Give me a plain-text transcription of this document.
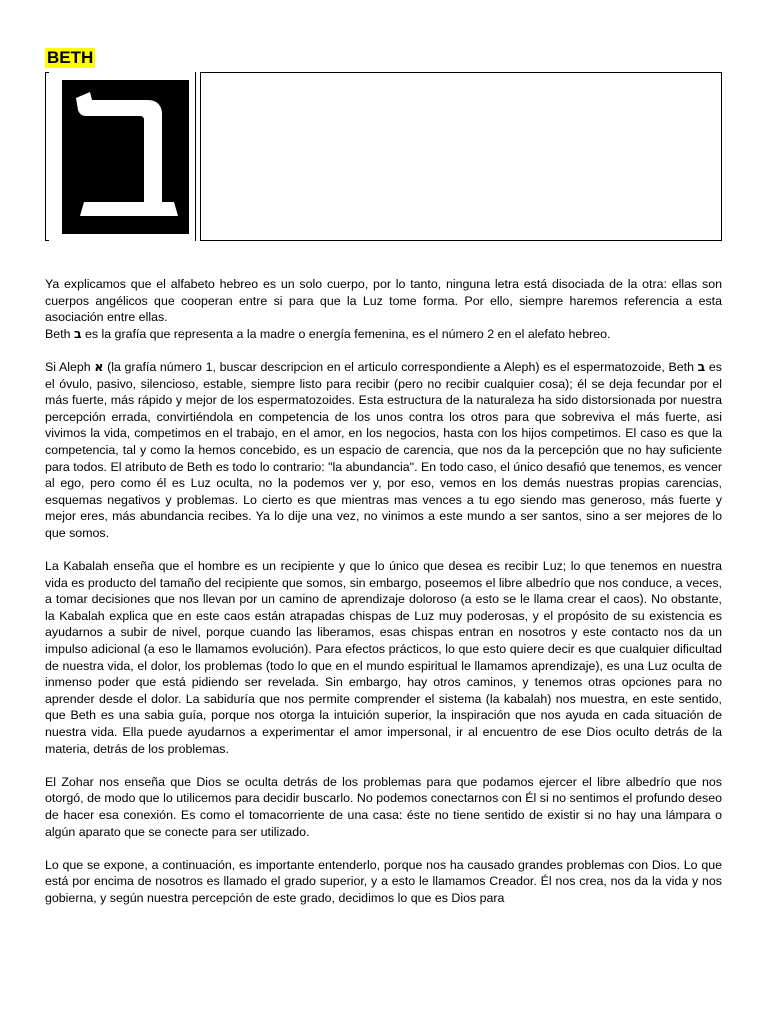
BETH

Ya explicamos que el alfabeto hebreo es un solo cuerpo, por lo tanto, ninguna letra está disociada de la otra: ellas son cuerpos angélicos que cooperan entre si para que la Luz tome forma. Por ello, siempre haremos referencia a esta asociación entre ellas.

Beth ב es la grafía que representa a la madre o energía femenina, es el número 2 en el alefato hebreo.

Si Aleph א (la grafía número 1, buscar descripcion en el articulo correspondiente a Aleph) es el espermatozoide, Beth ב es el óvulo, pasivo, silencioso, estable, siempre listo para recibir (pero no recibir cualquier cosa); él se deja fecundar por el más fuerte, más rápido y mejor de los espermatozoides. Esta estructura de la naturaleza ha sido distorsionada por nuestra percepción errada, convirtiéndola en competencia de los unos contra los otros para que sobreviva el más fuerte, asi vivimos la vida, competimos en el trabajo, en el amor, en los negocios, hasta con los hijos competimos. El caso es que la competencia, tal y como la hemos concebido, es un espacio de carencia, que nos da la percepción que no hay suficiente para todos. El atributo de Beth es todo lo contrario: "la abundancia". En todo caso, el único desafió que tenemos, es vencer al ego, pero como él es Luz oculta, no la podemos ver y, por eso, vemos en los demás nuestras propias carencias, esquemas negativos y problemas. Lo cierto es que mientras mas vences a tu ego siendo mas generoso, más fuerte y mejor eres, más abundancia recibes. Ya lo dije una vez, no vinimos a este mundo a ser santos, sino a ser mejores de lo que somos.

La Kabalah enseña que el hombre es un recipiente y que lo único que desea es recibir Luz; lo que tenemos en nuestra vida es producto del tamaño del recipiente que somos, sin embargo, poseemos el libre albedrío que nos conduce, a veces, a tomar decisiones que nos llevan por un camino de aprendizaje doloroso (a esto se le llama crear el caos). No obstante, la Kabalah explica que en este caos están atrapadas chispas de Luz muy poderosas, y el propósito de su existencia es ayudarnos a subir de nivel, porque cuando las liberamos, esas chispas entran en nosotros y este contacto nos da un impulso adicional (a eso le llamamos evolución). Para efectos prácticos, lo que esto quiere decir es que cualquier dificultad de nuestra vida, el dolor, los problemas (todo lo que en el mundo espiritual le llamamos aprendizaje), es una Luz oculta de inmenso poder que está pidiendo ser revelada. Sin embargo, hay otros caminos, y tenemos otras opciones para no aprender desde el dolor. La sabiduría que nos permite comprender el sistema (la kabalah) nos muestra, en este sentido, que Beth es una sabia guía, porque nos otorga la intuición superior, la inspiración que nos ayuda en cada situación de nuestra vida. Ella puede ayudarnos a experimentar el amor impersonal, ir al encuentro de ese Dios oculto detrás de la materia, detrás de los problemas.

El Zohar nos enseña que Dios se oculta detrás de los problemas para que podamos ejercer el libre albedrío que nos otorgó, de modo que lo utilicemos para decidir buscarlo. No podemos conectarnos con Él si no sentimos el profundo deseo de hacer esa conexión. Es como el tomacorriente de una casa: éste no tiene sentido de existir si no hay una lámpara o algún aparato que se conecte para ser utilizado.

Lo que se expone, a continuación, es importante entenderlo, porque nos ha causado grandes problemas con Dios. Lo que está por encima de nosotros es llamado el grado superior, y a esto le llamamos Creador. Él nos crea, nos da la vida y nos gobierna, y según nuestra percepción de este grado, decidimos lo que es Dios para
